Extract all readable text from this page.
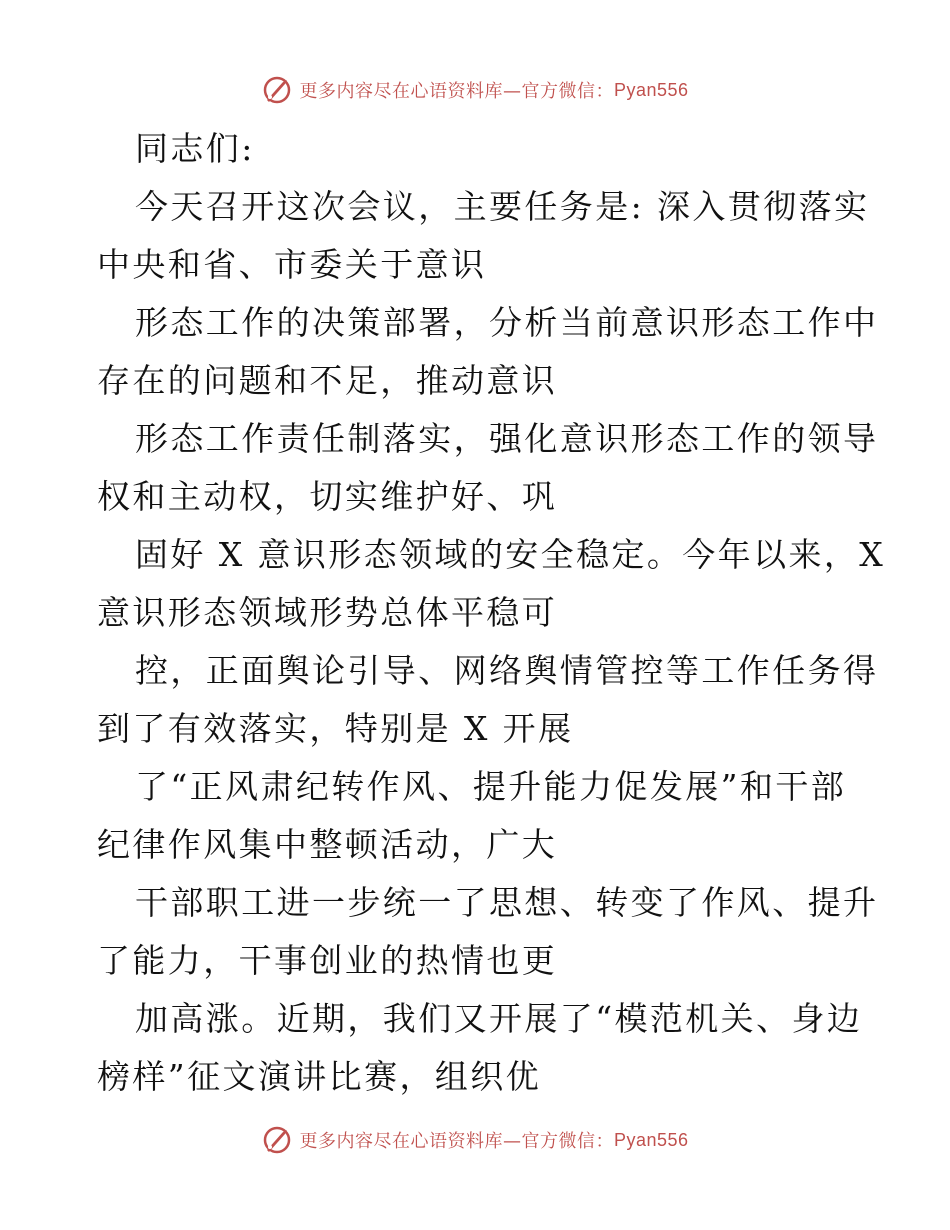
更多内容尽在心语资料库—官方微信： Pyan556
同志们:
今天召开这次会议，主要任务是: 深入贯彻落实
中央和省、市委关于意识
形态工作的决策部署，分析当前意识形态工作中
存在的问题和不足，推动意识
形态工作责任制落实，强化意识形态工作的领导
权和主动权，切实维护好、巩
固好 X 意识形态领域的安全稳定。今年以来，X
意识形态领域形势总体平稳可
控，正面舆论引导、网络舆情管控等工作任务得
到了有效落实，特别是 X 开展
了“正风肃纪转作风、提升能力促发展”和干部
纪律作风集中整顿活动，广大
干部职工进一步统一了思想、转变了作风、提升
了能力，干事创业的热情也更
加高涨。近期，我们又开展了“模范机关、身边
榜样”征文演讲比赛，组织优
更多内容尽在心语资料库—官方微信： Pyan556
